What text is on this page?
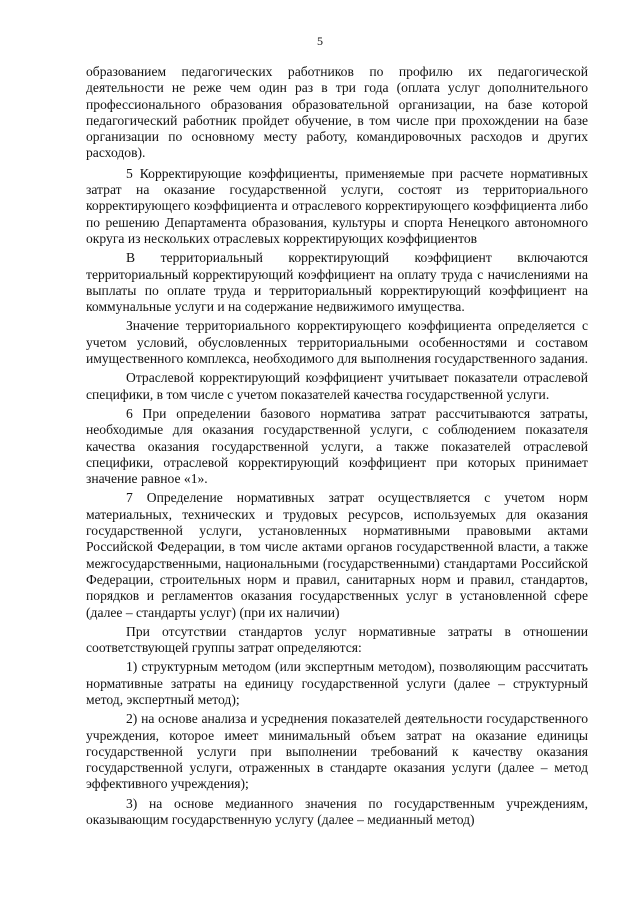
5

образованием педагогических работников по профилю их педагогической деятельности не реже чем один раз в три года (оплата услуг дополнительного профессионального образования образовательной организации, на базе которой педагогический работник пройдет обучение, в том числе при прохождении на базе организации по основному месту работу, командировочных расходов и других расходов).

5 Корректирующие коэффициенты, применяемые при расчете нормативных затрат на оказание государственной услуги, состоят из территориального корректирующего коэффициента и отраслевого корректирующего коэффициента либо по решению Департамента образования, культуры и спорта Ненецкого автономного округа из нескольких отраслевых корректирующих коэффициентов

В территориальный корректирующий коэффициент включаются территориальный корректирующий коэффициент на оплату труда с начислениями на выплаты по оплате труда и территориальный корректирующий коэффициент на коммунальные услуги и на содержание недвижимого имущества.

Значение территориального корректирующего коэффициента определяется с учетом условий, обусловленных территориальными особенностями и составом имущественного комплекса, необходимого для выполнения государственного задания.

Отраслевой корректирующий коэффициент учитывает показатели отраслевой специфики, в том числе с учетом показателей качества государственной услуги.

6 При определении базового норматива затрат рассчитываются затраты, необходимые для оказания государственной услуги, с соблюдением показателя качества оказания государственной услуги, а также показателей отраслевой специфики, отраслевой корректирующий коэффициент при которых принимает значение равное «1».

7 Определение нормативных затрат осуществляется с учетом норм материальных, технических и трудовых ресурсов, используемых для оказания государственной услуги, установленных нормативными правовыми актами Российской Федерации, в том числе актами органов государственной власти, а также межгосударственными, национальными (государственными) стандартами Российской Федерации, строительных норм и правил, санитарных норм и правил, стандартов, порядков и регламентов оказания государственных услуг в установленной сфере (далее – стандарты услуг) (при их наличии)

При отсутствии стандартов услуг нормативные затраты в отношении соответствующей группы затрат определяются:

1) структурным методом (или экспертным методом), позволяющим рассчитать нормативные затраты на единицу государственной услуги (далее – структурный метод, экспертный метод);

2) на основе анализа и усреднения показателей деятельности государственного учреждения, которое имеет минимальный объем затрат на оказание единицы государственной услуги при выполнении требований к качеству оказания государственной услуги, отраженных в стандарте оказания услуги (далее – метод эффективного учреждения);

3) на основе медианного значения по государственным учреждениям, оказывающим государственную услугу (далее – медианный метод)
